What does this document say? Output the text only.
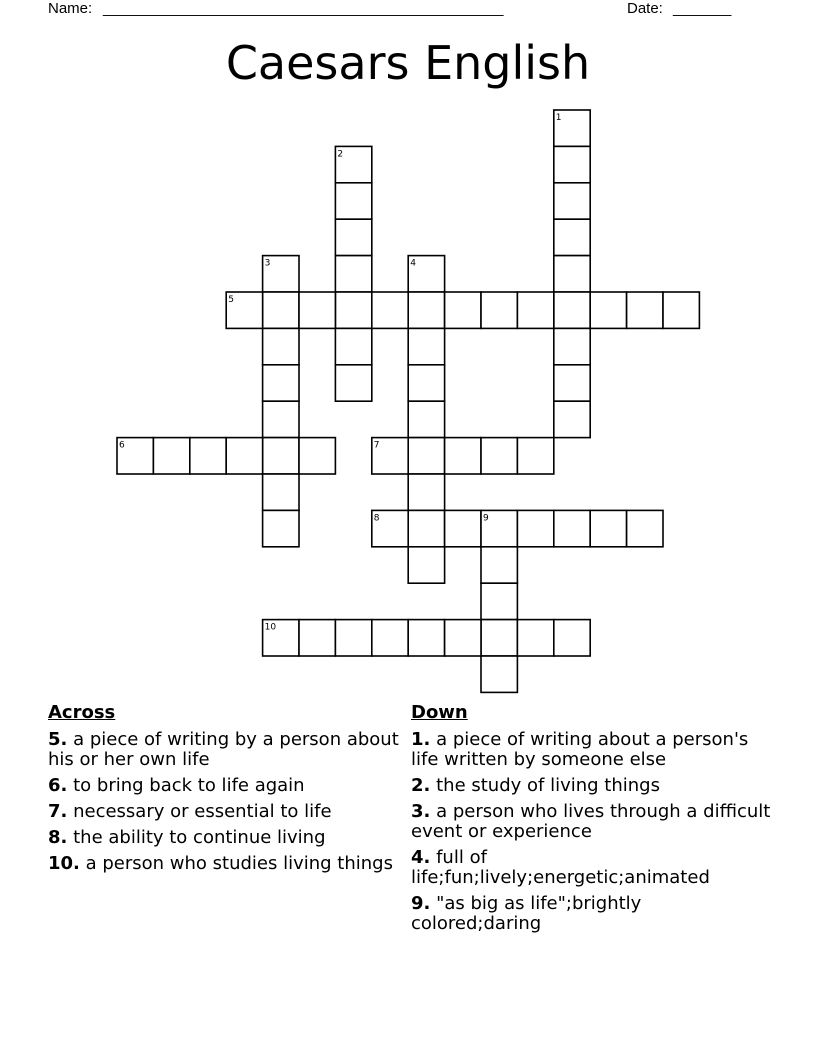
Name: ________________________________________________	Date: _______
Caesars English
1
2
3	4
5
6	7
8	9
10
Across
5. a piece of writing by a person about his or her own life
6. to bring back to life again
7. necessary or essential to life
8. the ability to continue living
10. a person who studies living things
Down
1. a piece of writing about a person's life written by someone else
2. the study of living things
3. a person who lives through a difficult event or experience
4. full of life;fun;lively;energetic;animated
9. "as big as life";brightly colored;daring
